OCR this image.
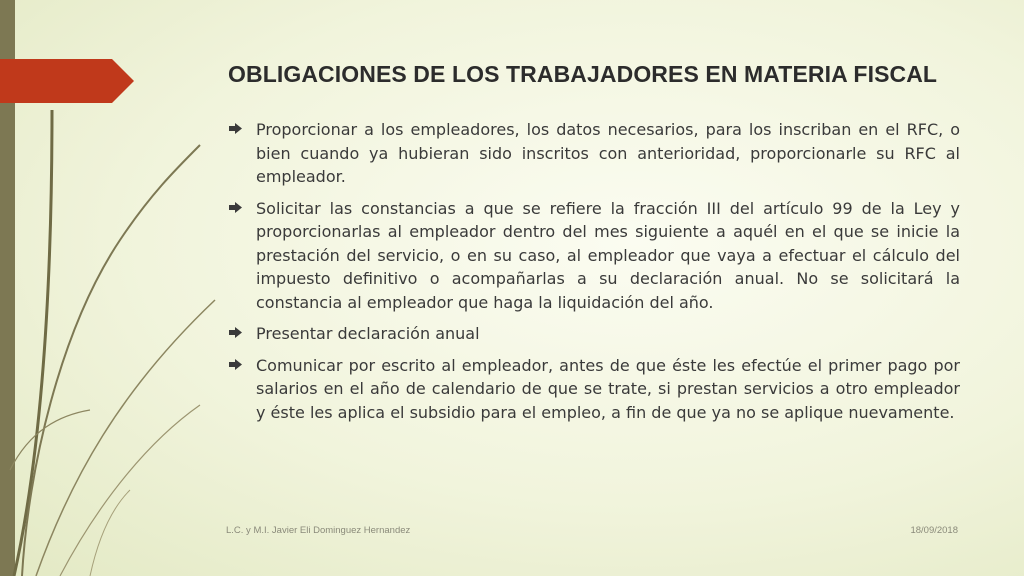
OBLIGACIONES DE LOS TRABAJADORES EN MATERIA FISCAL
Proporcionar a los empleadores, los datos necesarios, para los inscriban en el RFC, o bien cuando ya hubieran sido inscritos con anterioridad, proporcionarle su RFC al empleador.
Solicitar las constancias a que se refiere la fracción III del artículo 99 de la Ley y proporcionarlas al empleador dentro del mes siguiente a aquél en el que se inicie la prestación del servicio, o en su caso, al empleador que vaya a efectuar el cálculo del impuesto definitivo o acompañarlas a su declaración anual. No se solicitará la constancia al empleador que haga la liquidación del año.
Presentar declaración anual
Comunicar por escrito al empleador, antes de que éste les efectúe el primer pago por salarios en el año de calendario de que se trate, si prestan servicios a otro empleador y éste les aplica el subsidio para el empleo, a fin de que ya no se aplique nuevamente.
L.C. y M.I. Javier Eli Dominguez Hernandez	18/09/2018
